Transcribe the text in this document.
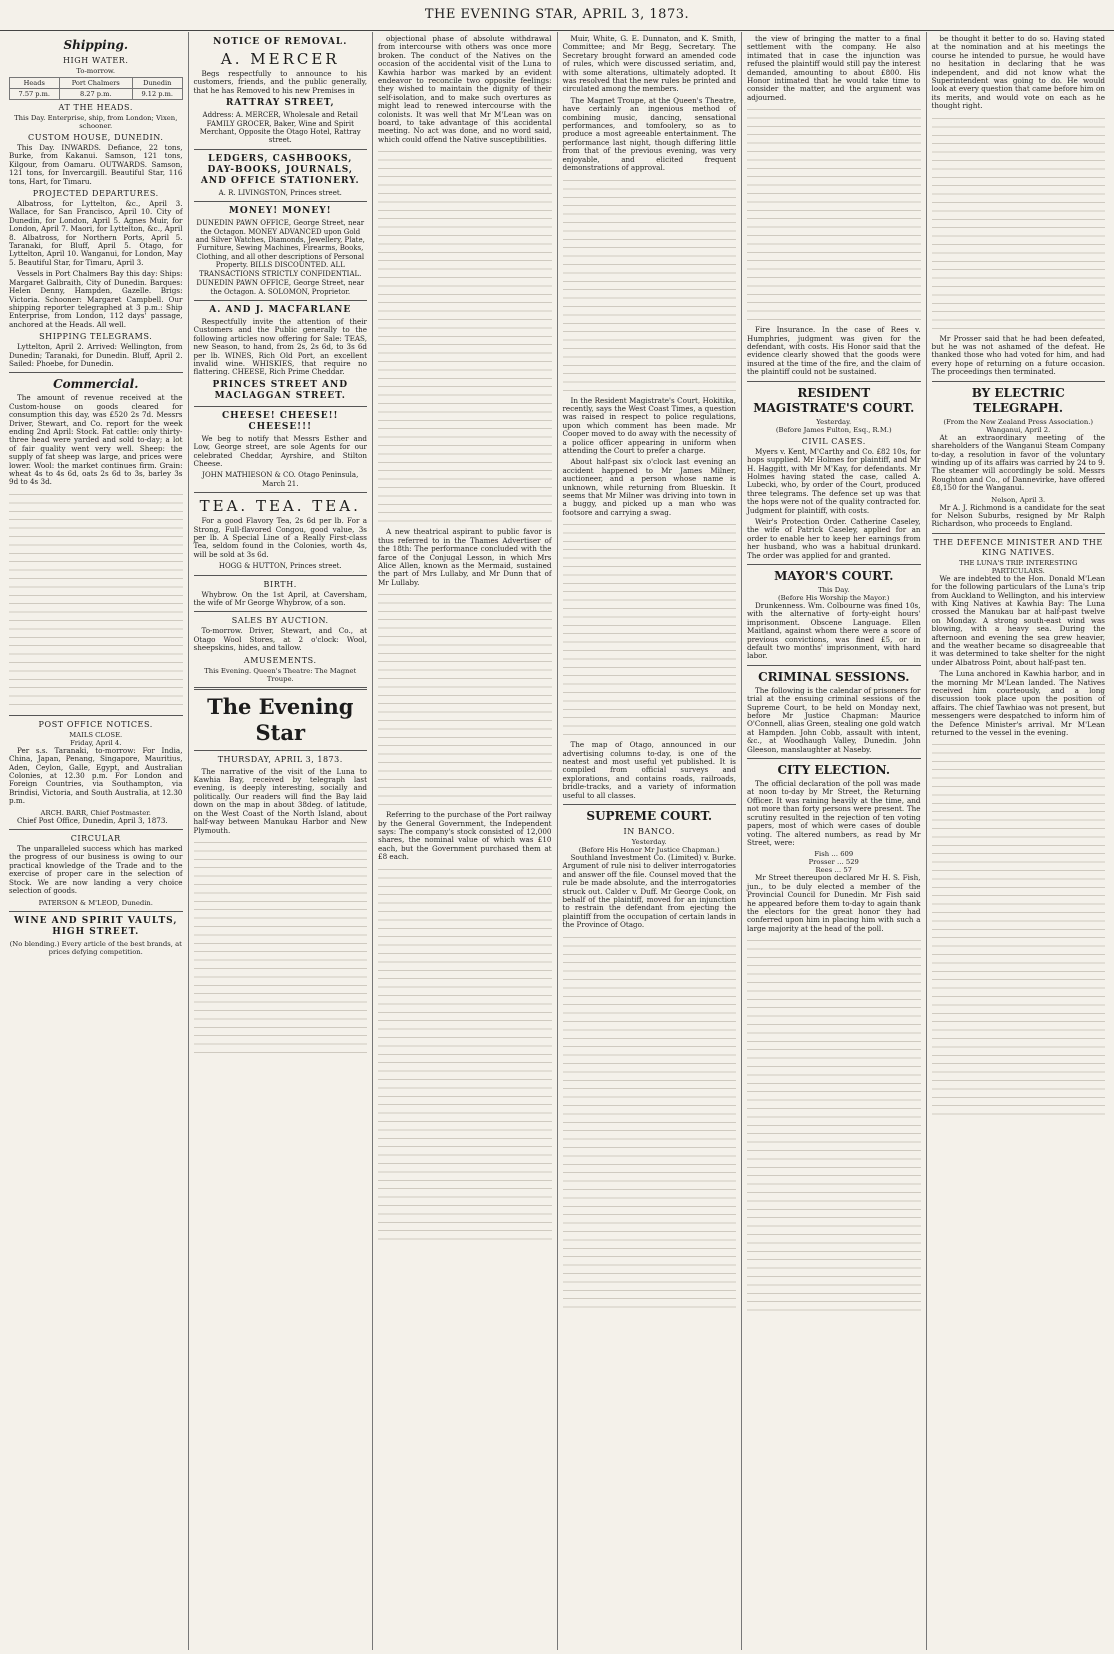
THE EVENING STAR, APRIL 3, 1873.
Shipping.
HIGH WATER.
To-morrow.
Heads	Port Chalmers	Dunedin
7.57 p.m.	8.27 p.m.	9.12 p.m.
AT THE HEADS.
This Day. Enterprise, ship, from London; Vixen, schooner.
CUSTOM HOUSE, DUNEDIN.
This Day. INWARDS. Defiance, 22 tons, Burke, from Kakanui. Samson, 121 tons, Kilgour, from Oamaru. OUTWARDS. Samson, 121 tons, for Invercargill. Beautiful Star, 116 tons, Hart, for Timaru.
PROJECTED DEPARTURES.
Albatross, for Lyttelton, &c., April 3. Wallace, for San Francisco, April 10. City of Dunedin, for London, April 5. Agnes Muir, for London, April 7. Maori, for Lyttelton, &c., April 8. Albatross, for Northern Ports, April 5. Taranaki, for Bluff, April 5. Otago, for Lyttelton, April 10. Wanganui, for London, May 5. Beautiful Star, for Timaru, April 3.
Vessels in Port Chalmers Bay this day: Ships: Margaret Galbraith, City of Dunedin. Barques: Helen Denny, Hampden, Gazelle. Brigs: Victoria. Schooner: Margaret Campbell. Our shipping reporter telegraphed at 3 p.m.: Ship Enterprise, from London, 112 days' passage, anchored at the Heads. All well.
SHIPPING TELEGRAMS.
Lyttelton, April 2. Arrived: Wellington, from Dunedin; Taranaki, for Dunedin. Bluff, April 2. Sailed: Phoebe, for Dunedin.
Commercial.
The amount of revenue received at the Custom-house on goods cleared for consumption this day, was £520 2s 7d. Messrs Driver, Stewart, and Co. report for the week ending 2nd April: Stock. Fat cattle: only thirty-three head were yarded and sold to-day; a lot of fair quality went very well. Sheep: the supply of fat sheep was large, and prices were lower. Wool: the market continues firm. Grain: wheat 4s to 4s 6d, oats 2s 6d to 3s, barley 3s 9d to 4s 3d.
POST OFFICE NOTICES.
MAILS CLOSE.
Friday, April 4.
Per s.s. Taranaki, to-morrow: For India, China, Japan, Penang, Singapore, Mauritius, Aden, Ceylon, Galle, Egypt, and Australian Colonies, at 12.30 p.m. For London and Foreign Countries, via Southampton, via Brindisi, Victoria, and South Australia, at 12.30 p.m.
ARCH. BARR, Chief Postmaster.
Chief Post Office, Dunedin, April 3, 1873.
CIRCULAR
The unparalleled success which has marked the progress of our business is owing to our practical knowledge of the Trade and to the exercise of proper care in the selection of Stock. We are now landing a very choice selection of goods.
PATERSON & M'LEOD, Dunedin.
WINE AND SPIRIT VAULTS, HIGH STREET.
(No blending.) Every article of the best brands, at prices defying competition.
NOTICE OF REMOVAL.
A. MERCER
Begs respectfully to announce to his customers, friends, and the public generally, that he has Removed to his new Premises in
RATTRAY STREET,
Address: A. MERCER, Wholesale and Retail FAMILY GROCER, Baker, Wine and Spirit Merchant, Opposite the Otago Hotel, Rattray street.
LEDGERS, CASHBOOKS, DAY-BOOKS, JOURNALS, AND OFFICE STATIONERY.
A. R. LIVINGSTON, Princes street.
MONEY! MONEY!
DUNEDIN PAWN OFFICE, George Street, near the Octagon. MONEY ADVANCED upon Gold and Silver Watches, Diamonds, Jewellery, Plate, Furniture, Sewing Machines, Firearms, Books, Clothing, and all other descriptions of Personal Property. BILLS DISCOUNTED. ALL TRANSACTIONS STRICTLY CONFIDENTIAL.
DUNEDIN PAWN OFFICE, George Street, near the Octagon. A. SOLOMON, Proprietor.
A. AND J. MACFARLANE
Respectfully invite the attention of their Customers and the Public generally to the following articles now offering for Sale: TEAS, new Season, to hand, from 2s, 2s 6d, to 3s 6d per lb. WINES, Rich Old Port, an excellent invalid wine. WHISKIES, that require no flattering. CHEESE, Rich Prime Cheddar.
PRINCES STREET AND MACLAGGAN STREET.
CHEESE! CHEESE!! CHEESE!!!
We beg to notify that Messrs Esther and Low, George street, are sole Agents for our celebrated Cheddar, Ayrshire, and Stilton Cheese.
JOHN MATHIESON & CO. Otago Peninsula, March 21.
TEA. TEA. TEA.
For a good Flavory Tea, 2s 6d per lb. For a Strong, Full-flavored Congou, good value, 3s per lb. A Special Line of a Really First-class Tea, seldom found in the Colonies, worth 4s, will be sold at 3s 6d.
HOGG & HUTTON, Princes street.
BIRTH.
Whybrow. On the 1st April, at Caversham, the wife of Mr George Whybrow, of a son.
SALES BY AUCTION.
To-morrow. Driver, Stewart, and Co., at Otago Wool Stores, at 2 o'clock: Wool, sheepskins, hides, and tallow.
AMUSEMENTS.
This Evening. Queen's Theatre: The Magnet Troupe.
The Evening Star
THURSDAY, APRIL 3, 1873.
The narrative of the visit of the Luna to Kawhia Bay, received by telegraph last evening, is deeply interesting, socially and politically. Our readers will find the Bay laid down on the map in about 38deg. of latitude, on the West Coast of the North Island, about half-way between Manukau Harbor and New Plymouth.
objectional phase of absolute withdrawal from intercourse with others was once more broken. The conduct of the Natives on the occasion of the accidental visit of the Luna to Kawhia harbor was marked by an evident endeavor to reconcile two opposite feelings: they wished to maintain the dignity of their self-isolation, and to make such overtures as might lead to renewed intercourse with the colonists. It was well that Mr M'Lean was on board, to take advantage of this accidental meeting. No act was done, and no word said, which could offend the Native susceptibilities.
A new theatrical aspirant to public favor is thus referred to in the Thames Advertiser of the 18th: The performance concluded with the farce of the Conjugal Lesson, in which Mrs Alice Allen, known as the Mermaid, sustained the part of Mrs Lullaby, and Mr Dunn that of Mr Lullaby.
Referring to the purchase of the Port railway by the General Government, the Independent says: The company's stock consisted of 12,000 shares, the nominal value of which was £10 each, but the Government purchased them at £8 each.
Muir, White, G. E. Dunnaton, and K. Smith, Committee; and Mr Begg, Secretary. The Secretary brought forward an amended code of rules, which were discussed seriatim, and, with some alterations, ultimately adopted. It was resolved that the new rules be printed and circulated among the members.
The Magnet Troupe, at the Queen's Theatre, have certainly an ingenious method of combining music, dancing, sensational performances, and tomfoolery, so as to produce a most agreeable entertainment. The performance last night, though differing little from that of the previous evening, was very enjoyable, and elicited frequent demonstrations of approval.
In the Resident Magistrate's Court, Hokitika, recently, says the West Coast Times, a question was raised in respect to police regulations, upon which comment has been made. Mr Cooper moved to do away with the necessity of a police officer appearing in uniform when attending the Court to prefer a charge.
About half-past six o'clock last evening an accident happened to Mr James Milner, auctioneer, and a person whose name is unknown, while returning from Blueskin. It seems that Mr Milner was driving into town in a buggy, and picked up a man who was footsore and carrying a swag.
The map of Otago, announced in our advertising columns to-day, is one of the neatest and most useful yet published. It is compiled from official surveys and explorations, and contains roads, railroads, bridle-tracks, and a variety of information useful to all classes.
SUPREME COURT.
IN BANCO.
Yesterday.
(Before His Honor Mr Justice Chapman.)
Southland Investment Co. (Limited) v. Burke. Argument of rule nisi to deliver interrogatories and answer off the file. Counsel moved that the rule be made absolute, and the interrogatories struck out. Calder v. Duff. Mr George Cook, on behalf of the plaintiff, moved for an injunction to restrain the defendant from ejecting the plaintiff from the occupation of certain lands in the Province of Otago.
the view of bringing the matter to a final settlement with the company. He also intimated that in case the injunction was refused the plaintiff would still pay the interest demanded, amounting to about £800. His Honor intimated that he would take time to consider the matter, and the argument was adjourned.
Fire Insurance. In the case of Rees v. Humphries, judgment was given for the defendant, with costs. His Honor said that the evidence clearly showed that the goods were insured at the time of the fire, and the claim of the plaintiff could not be sustained.
RESIDENT MAGISTRATE'S COURT.
Yesterday.
(Before James Fulton, Esq., R.M.)
CIVIL CASES.
Myers v. Kent, M'Carthy and Co. £82 10s, for hops supplied. Mr Holmes for plaintiff, and Mr H. Haggitt, with Mr M'Kay, for defendants. Mr Holmes having stated the case, called A. Lubecki, who, by order of the Court, produced three telegrams. The defence set up was that the hops were not of the quality contracted for. Judgment for plaintiff, with costs.
Weir's Protection Order. Catherine Caseley, the wife of Patrick Caseley, applied for an order to enable her to keep her earnings from her husband, who was a habitual drunkard. The order was applied for and granted.
MAYOR'S COURT.
This Day.
(Before His Worship the Mayor.)
Drunkenness. Wm. Colbourne was fined 10s, with the alternative of forty-eight hours' imprisonment. Obscene Language. Ellen Maitland, against whom there were a score of previous convictions, was fined £5, or in default two months' imprisonment, with hard labor.
CRIMINAL SESSIONS.
The following is the calendar of prisoners for trial at the ensuing criminal sessions of the Supreme Court, to be held on Monday next, before Mr Justice Chapman: Maurice O'Connell, alias Green, stealing one gold watch at Hampden. John Cobb, assault with intent, &c., at Woodhaugh Valley, Dunedin. John Gleeson, manslaughter at Naseby.
CITY ELECTION.
The official declaration of the poll was made at noon to-day by Mr Street, the Returning Officer. It was raining heavily at the time, and not more than forty persons were present. The scrutiny resulted in the rejection of ten voting papers, most of which were cases of double voting. The altered numbers, as read by Mr Street, were:
Fish … 609
Prosser … 529
Rees … 57
Mr Street thereupon declared Mr H. S. Fish, jun., to be duly elected a member of the Provincial Council for Dunedin. Mr Fish said he appeared before them to-day to again thank the electors for the great honor they had conferred upon him in placing him with such a large majority at the head of the poll.
be thought it better to do so. Having stated at the nomination and at his meetings the course he intended to pursue, he would have no hesitation in declaring that he was independent, and did not know what the Superintendent was going to do. He would look at every question that came before him on its merits, and would vote on each as he thought right.
Mr Prosser said that he had been defeated, but he was not ashamed of the defeat. He thanked those who had voted for him, and had every hope of returning on a future occasion. The proceedings then terminated.
BY ELECTRIC TELEGRAPH.
(From the New Zealand Press Association.)
Wanganui, April 2.
At an extraordinary meeting of the shareholders of the Wanganui Steam Company to-day, a resolution in favor of the voluntary winding up of its affairs was carried by 24 to 9. The steamer will accordingly be sold. Messrs Roughton and Co., of Dannevirke, have offered £8,150 for the Wanganui.
Nelson, April 3.
Mr A. J. Richmond is a candidate for the seat for Nelson Suburbs, resigned by Mr Ralph Richardson, who proceeds to England.
THE DEFENCE MINISTER AND THE KING NATIVES.
THE LUNA'S TRIP. INTERESTING PARTICULARS.
We are indebted to the Hon. Donald M'Lean for the following particulars of the Luna's trip from Auckland to Wellington, and his interview with King Natives at Kawhia Bay: The Luna crossed the Manukau bar at half-past twelve on Monday. A strong south-east wind was blowing, with a heavy sea. During the afternoon and evening the sea grew heavier, and the weather became so disagreeable that it was determined to take shelter for the night under Albatross Point, about half-past ten.
The Luna anchored in Kawhia harbor, and in the morning Mr M'Lean landed. The Natives received him courteously, and a long discussion took place upon the position of affairs. The chief Tawhiao was not present, but messengers were despatched to inform him of the Defence Minister's arrival. Mr M'Lean returned to the vessel in the evening.
